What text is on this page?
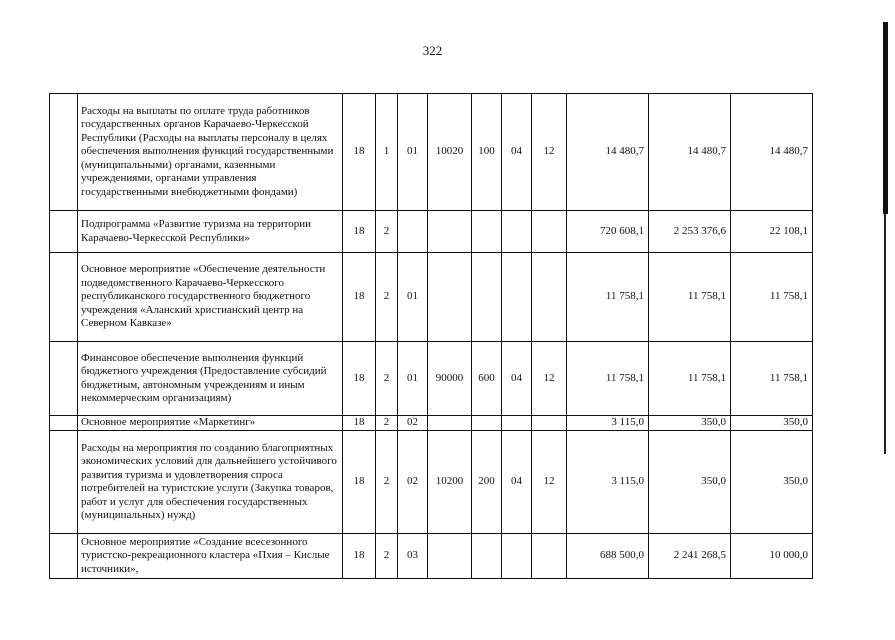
322
	Расходы на выплаты по оплате труда работников государственных органов Карачаево-Черкесской Республики (Расходы на выплаты персоналу в целях обеспечения выполнения функций государственными (муниципальными) органами, казенными учреждениями, органами управления государственными внебюджетными фондами)	18	1	01	10020	100	04	12	14 480,7	14 480,7	14 480,7
	Подпрограмма «Развитие туризма на территории Карачаево-Черкесской Республики»	18	2						720 608,1	2 253 376,6	22 108,1
	Основное мероприятие «Обеспечение деятельности подведомственного Карачаево-Черкесского республиканского государственного бюджетного учреждения «Аланский христианский центр на Северном Кавказе»	18	2	01					11 758,1	11 758,1	11 758,1
	Финансовое обеспечение выполнения функций бюджетного учреждения (Предоставление субсидий бюджетным, автономным учреждениям и иным некоммерческим организациям)	18	2	01	90000	600	04	12	11 758,1	11 758,1	11 758,1
	Основное мероприятие «Маркетинг»	18	2	02					3 115,0	350,0	350,0
	Расходы на мероприятия по созданию благоприятных экономических условий для дальнейшего устойчивого развития туризма и удовлетворения спроса потребителей на туристские услуги (Закупка товаров, работ и услуг для обеспечения государственных (муниципальных) нужд)	18	2	02	10200	200	04	12	3 115,0	350,0	350,0
	Основное мероприятие «Создание всесезонного туристско-рекреационного кластера «Пхия – Кислые источники»,	18	2	03					688 500,0	2 241 268,5	10 000,0
